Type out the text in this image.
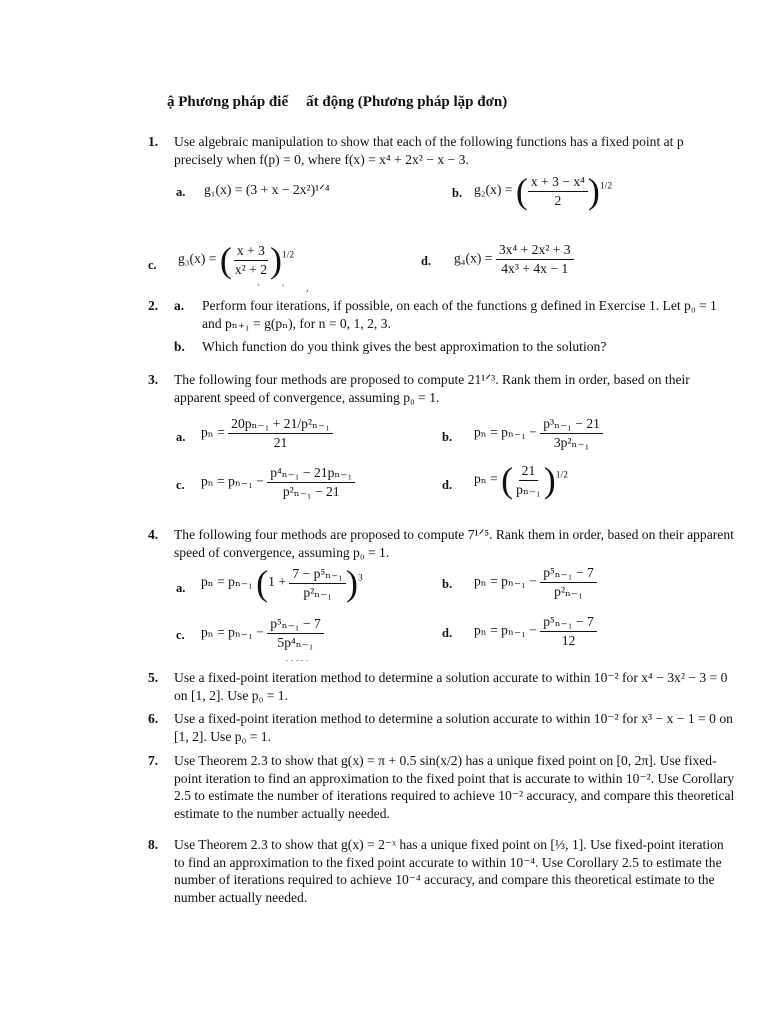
ậ Phương pháp điể ất động (Phương pháp lặp đơn)
1. Use algebraic manipulation to show that each of the following functions has a fixed point at p precisely when f(p) = 0, where f(x) = x⁴ + 2x² − x − 3.
a. g₁(x) = (3 + x − 2x²)¹ᐟ⁴	b. g₂(x) = ( $\frac{\text{x + 3 − x⁴}}{2} )^{1/2}$
c. g₃(x) = ( $\frac{x + 3}{\text{x² + 2}} )^{1/2}$	d. $g_4(x) = \frac{\text{3x⁴ + 2x² + 3}}{\text{4x³ + 4x − 1}}$
` ' ,
2. a. Perform four iterations, if possible, on each of the functions g defined in Exercise 1. Let p₀ = 1 and pₙ₊₁ = g(pₙ), for n = 0, 1, 2, 3.
b. Which function do you think gives the best approximation to the solution?
3. The following four methods are proposed to compute 21¹ᐟ³. Rank them in order, based on their apparent speed of convergence, assuming p₀ = 1.
a. $p_n = \frac{\text{20pₙ₋₁ + 21/p²ₙ₋₁}}{21}$	b. $p_n = p_{n-1} - \frac{\text{p³ₙ₋₁ − 21}}{\text{3p²ₙ₋₁}}$
c. $p_n = p_{n-1} - \frac{\text{p⁴ₙ₋₁ − 21pₙ₋₁}}{\text{p²ₙ₋₁ − 21}}$	d. pₙ = ( $\frac{21}{\text{pₙ₋₁}} )^{1/2}$
4. The following four methods are proposed to compute 7¹ᐟ⁵. Rank them in order, based on their apparent speed of convergence, assuming p₀ = 1.
a. pₙ = pₙ₋₁ $(1 + \frac{\text{7 − p⁵ₙ₋₁}}{\text{p²ₙ₋₁}} )^3$	b. $p_n = p_{n-1} - \frac{\text{p⁵ₙ₋₁ − 7}}{\text{p²ₙ₋₁}}$
c. $p_n = p_{n-1} - \frac{\text{p⁵ₙ₋₁ − 7}}{\text{5p⁴ₙ₋₁}}$	d. $p_n = p_{n-1} - \frac{\text{p⁵ₙ₋₁ − 7}}{12}$
.....
5. Use a fixed-point iteration method to determine a solution accurate to within 10⁻² for x⁴ − 3x² − 3 = 0 on [1, 2]. Use p₀ = 1.
6. Use a fixed-point iteration method to determine a solution accurate to within 10⁻² for x³ − x − 1 = 0 on [1, 2]. Use p₀ = 1.
7. Use Theorem 2.3 to show that g(x) = π + 0.5 sin(x/2) has a unique fixed point on [0, 2π]. Use fixed-point iteration to find an approximation to the fixed point that is accurate to within 10⁻². Use Corollary 2.5 to estimate the number of iterations required to achieve 10⁻² accuracy, and compare this theoretical estimate to the number actually needed.
8. Use Theorem 2.3 to show that g(x) = 2⁻ˣ has a unique fixed point on [⅓, 1]. Use fixed-point iteration to find an approximation to the fixed point accurate to within 10⁻⁴. Use Corollary 2.5 to estimate the number of iterations required to achieve 10⁻⁴ accuracy, and compare this theoretical estimate to the number actually needed.
